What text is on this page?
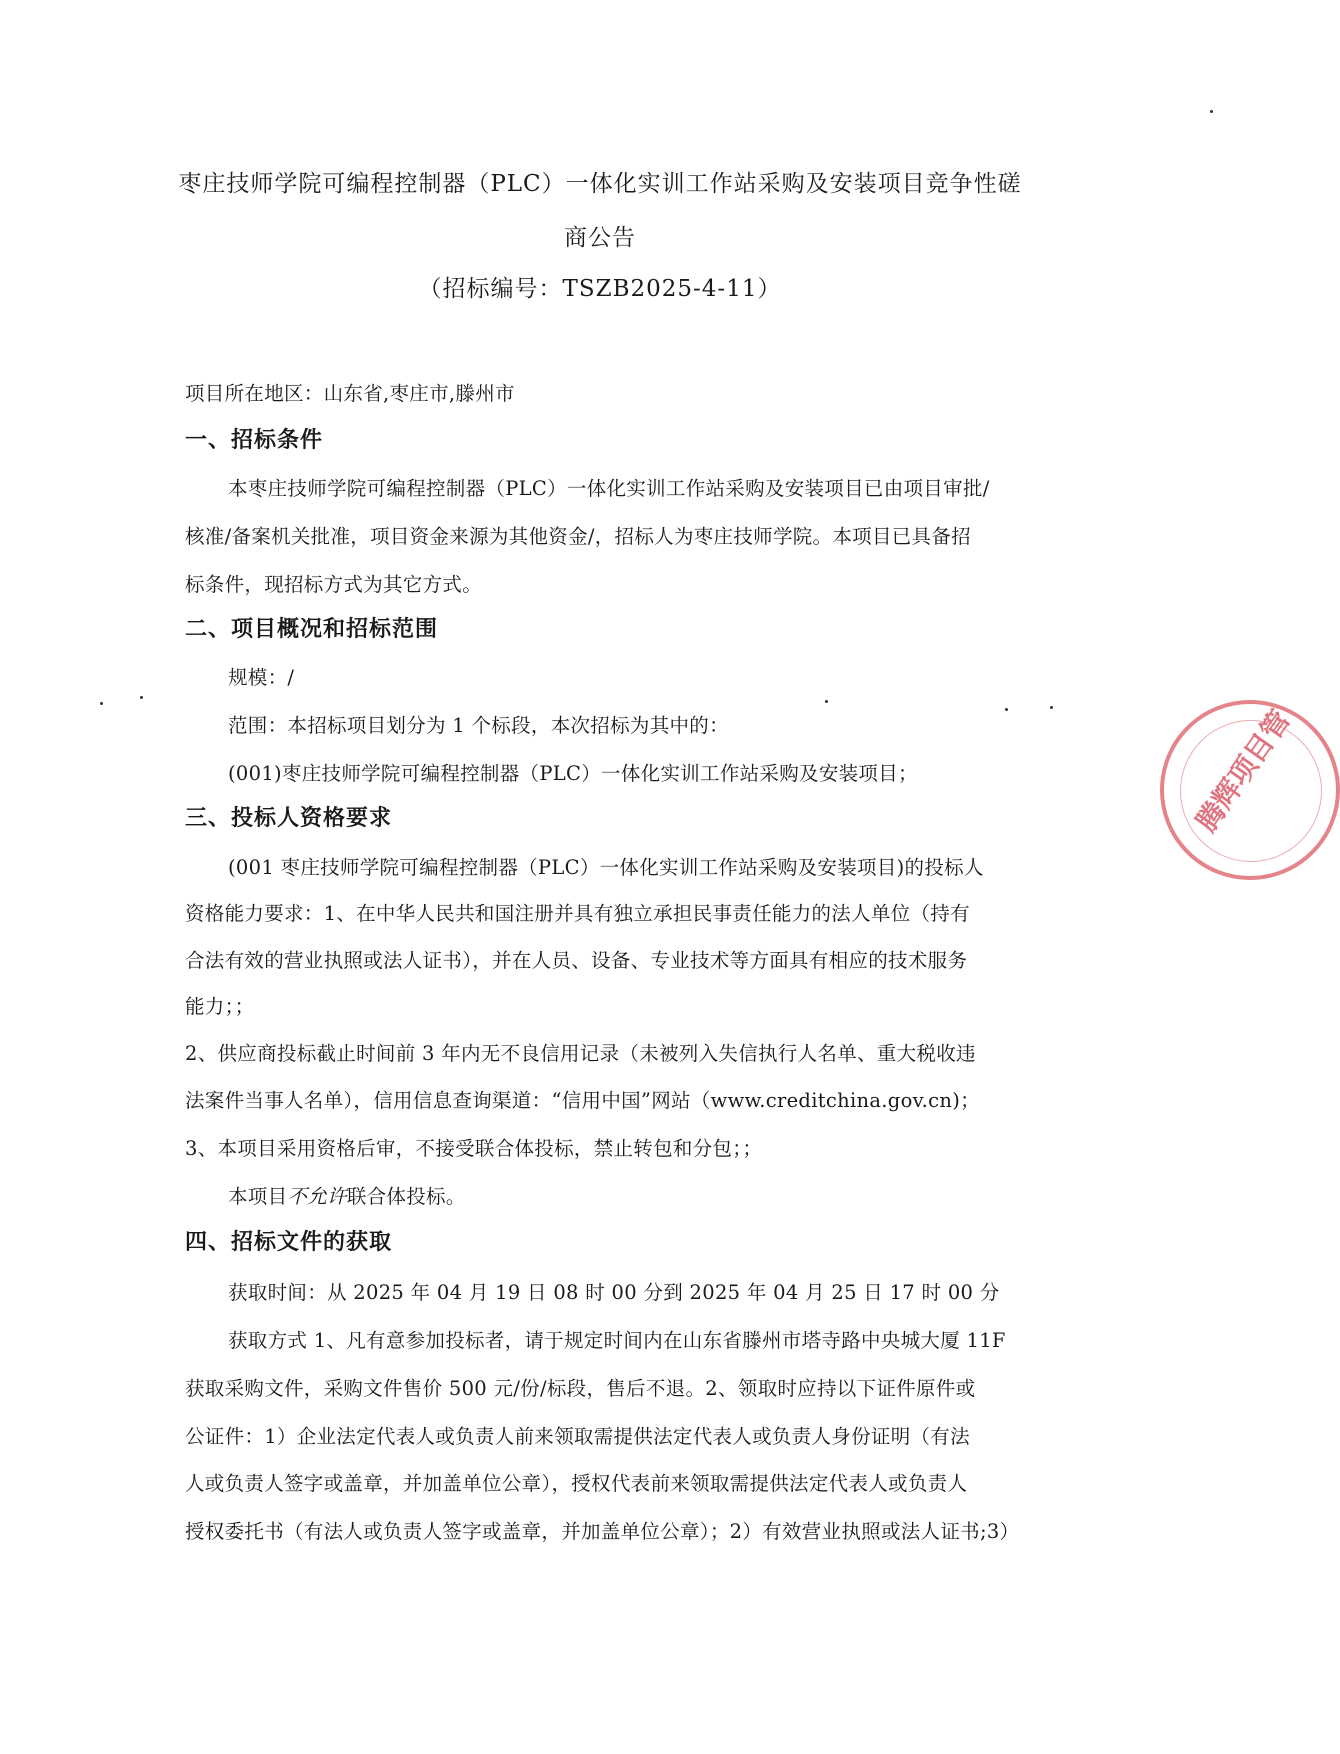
枣庄技师学院可编程控制器（PLC）一体化实训工作站采购及安装项目竞争性磋
商公告
（招标编号：TSZB2025-4-11）
项目所在地区：山东省,枣庄市,滕州市
一、招标条件
本枣庄技师学院可编程控制器（PLC）一体化实训工作站采购及安装项目已由项目审批/
核准/备案机关批准，项目资金来源为其他资金/，招标人为枣庄技师学院。本项目已具备招
标条件，现招标方式为其它方式。
二、项目概况和招标范围
规模：/
范围：本招标项目划分为 1 个标段，本次招标为其中的：
(001)枣庄技师学院可编程控制器（PLC）一体化实训工作站采购及安装项目；
三、投标人资格要求
(001 枣庄技师学院可编程控制器（PLC）一体化实训工作站采购及安装项目)的投标人
资格能力要求：1、在中华人民共和国注册并具有独立承担民事责任能力的法人单位（持有
合法有效的营业执照或法人证书），并在人员、设备、专业技术等方面具有相应的技术服务
能力；；
2、供应商投标截止时间前 3 年内无不良信用记录（未被列入失信执行人名单、重大税收违
法案件当事人名单），信用信息查询渠道：“信用中国”网站（www.creditchina.gov.cn)；
3、本项目采用资格后审，不接受联合体投标，禁止转包和分包；；
本项目不允许联合体投标。
四、招标文件的获取
获取时间：从 2025 年 04 月 19 日 08 时 00 分到 2025 年 04 月 25 日 17 时 00 分
获取方式 1、凡有意参加投标者，请于规定时间内在山东省滕州市塔寺路中央城大厦 11F
获取采购文件，采购文件售价 500 元/份/标段，售后不退。2、领取时应持以下证件原件或
公证件：1）企业法定代表人或负责人前来领取需提供法定代表人或负责人身份证明（有法
人或负责人签字或盖章，并加盖单位公章），授权代表前来领取需提供法定代表人或负责人
授权委托书（有法人或负责人签字或盖章，并加盖单位公章）；2）有效营业执照或法人证书;3）
腾辉项目管
